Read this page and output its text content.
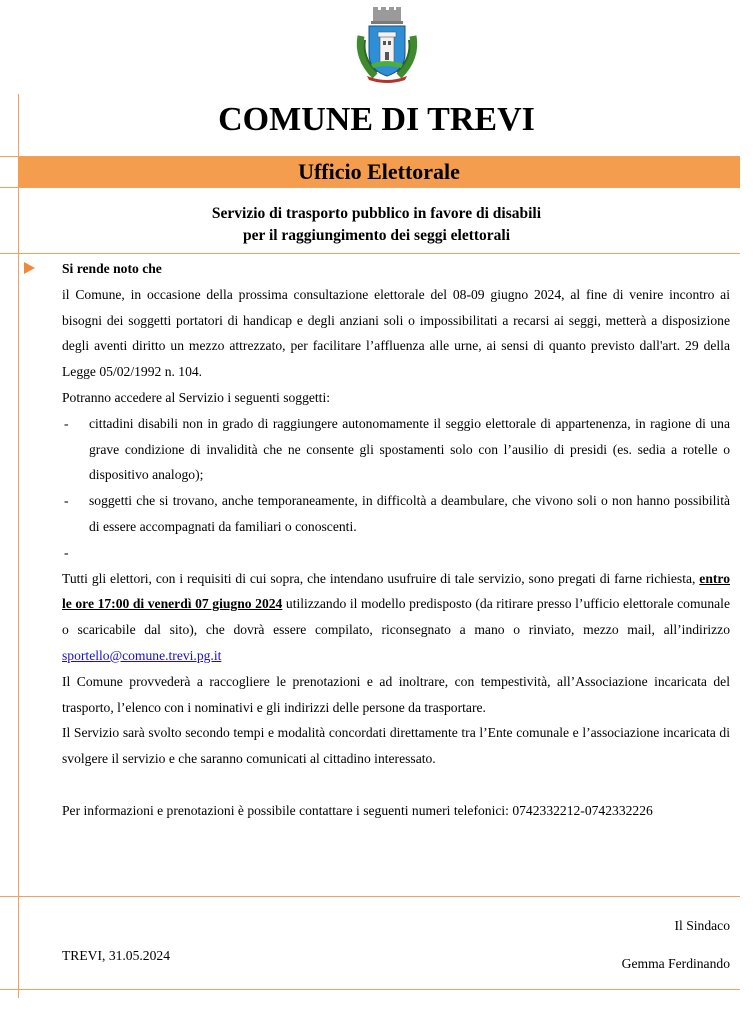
COMUNE DI TREVI
Ufficio Elettorale
Servizio di trasporto pubblico in favore di disabili
per il raggiungimento dei seggi elettorali

Si rende noto che

il Comune, in occasione della prossima consultazione elettorale del 08-09 giugno 2024, al fine di venire incontro ai bisogni dei soggetti portatori di handicap e degli anziani soli o impossibilitati a recarsi ai seggi, metterà a disposizione degli aventi diritto un mezzo attrezzato, per facilitare l’affluenza alle urne, ai sensi di quanto previsto dall'art. 29 della Legge 05/02/1992 n. 104.

Potranno accedere al Servizio i seguenti soggetti:

- cittadini disabili non in grado di raggiungere autonomamente il seggio elettorale di appartenenza, in ragione di una grave condizione di invalidità che ne consente gli spostamenti solo con l’ausilio di presidi (es. sedia a rotelle o dispositivo analogo);
- soggetti che si trovano, anche temporaneamente, in difficoltà a deambulare, che vivono soli o non hanno possibilità di essere accompagnati da familiari o conoscenti.
-

Tutti gli elettori, con i requisiti di cui sopra, che intendano usufruire di tale servizio, sono pregati di farne richiesta, entro le ore 17:00 di venerdì 07 giugno 2024 utilizzando il modello predisposto (da ritirare presso l’ufficio elettorale comunale o scaricabile dal sito), che dovrà essere compilato, riconsegnato a mano o rinviato, mezzo mail, all’indirizzo sportello@comune.trevi.pg.it

Il Comune provvederà a raccogliere le prenotazioni e ad inoltrare, con tempestività, all’Associazione incaricata del trasporto, l’elenco con i nominativi e gli indirizzi delle persone da trasportare.

Il Servizio sarà svolto secondo tempi e modalità concordati direttamente tra l’Ente comunale e l’associazione incaricata di svolgere il servizio e che saranno comunicati al cittadino interessato.

Per informazioni e prenotazioni è possibile contattare i seguenti numeri telefonici: 0742332212-0742332226

Il Sindaco
TREVI, 31.05.2024
Gemma Ferdinando
